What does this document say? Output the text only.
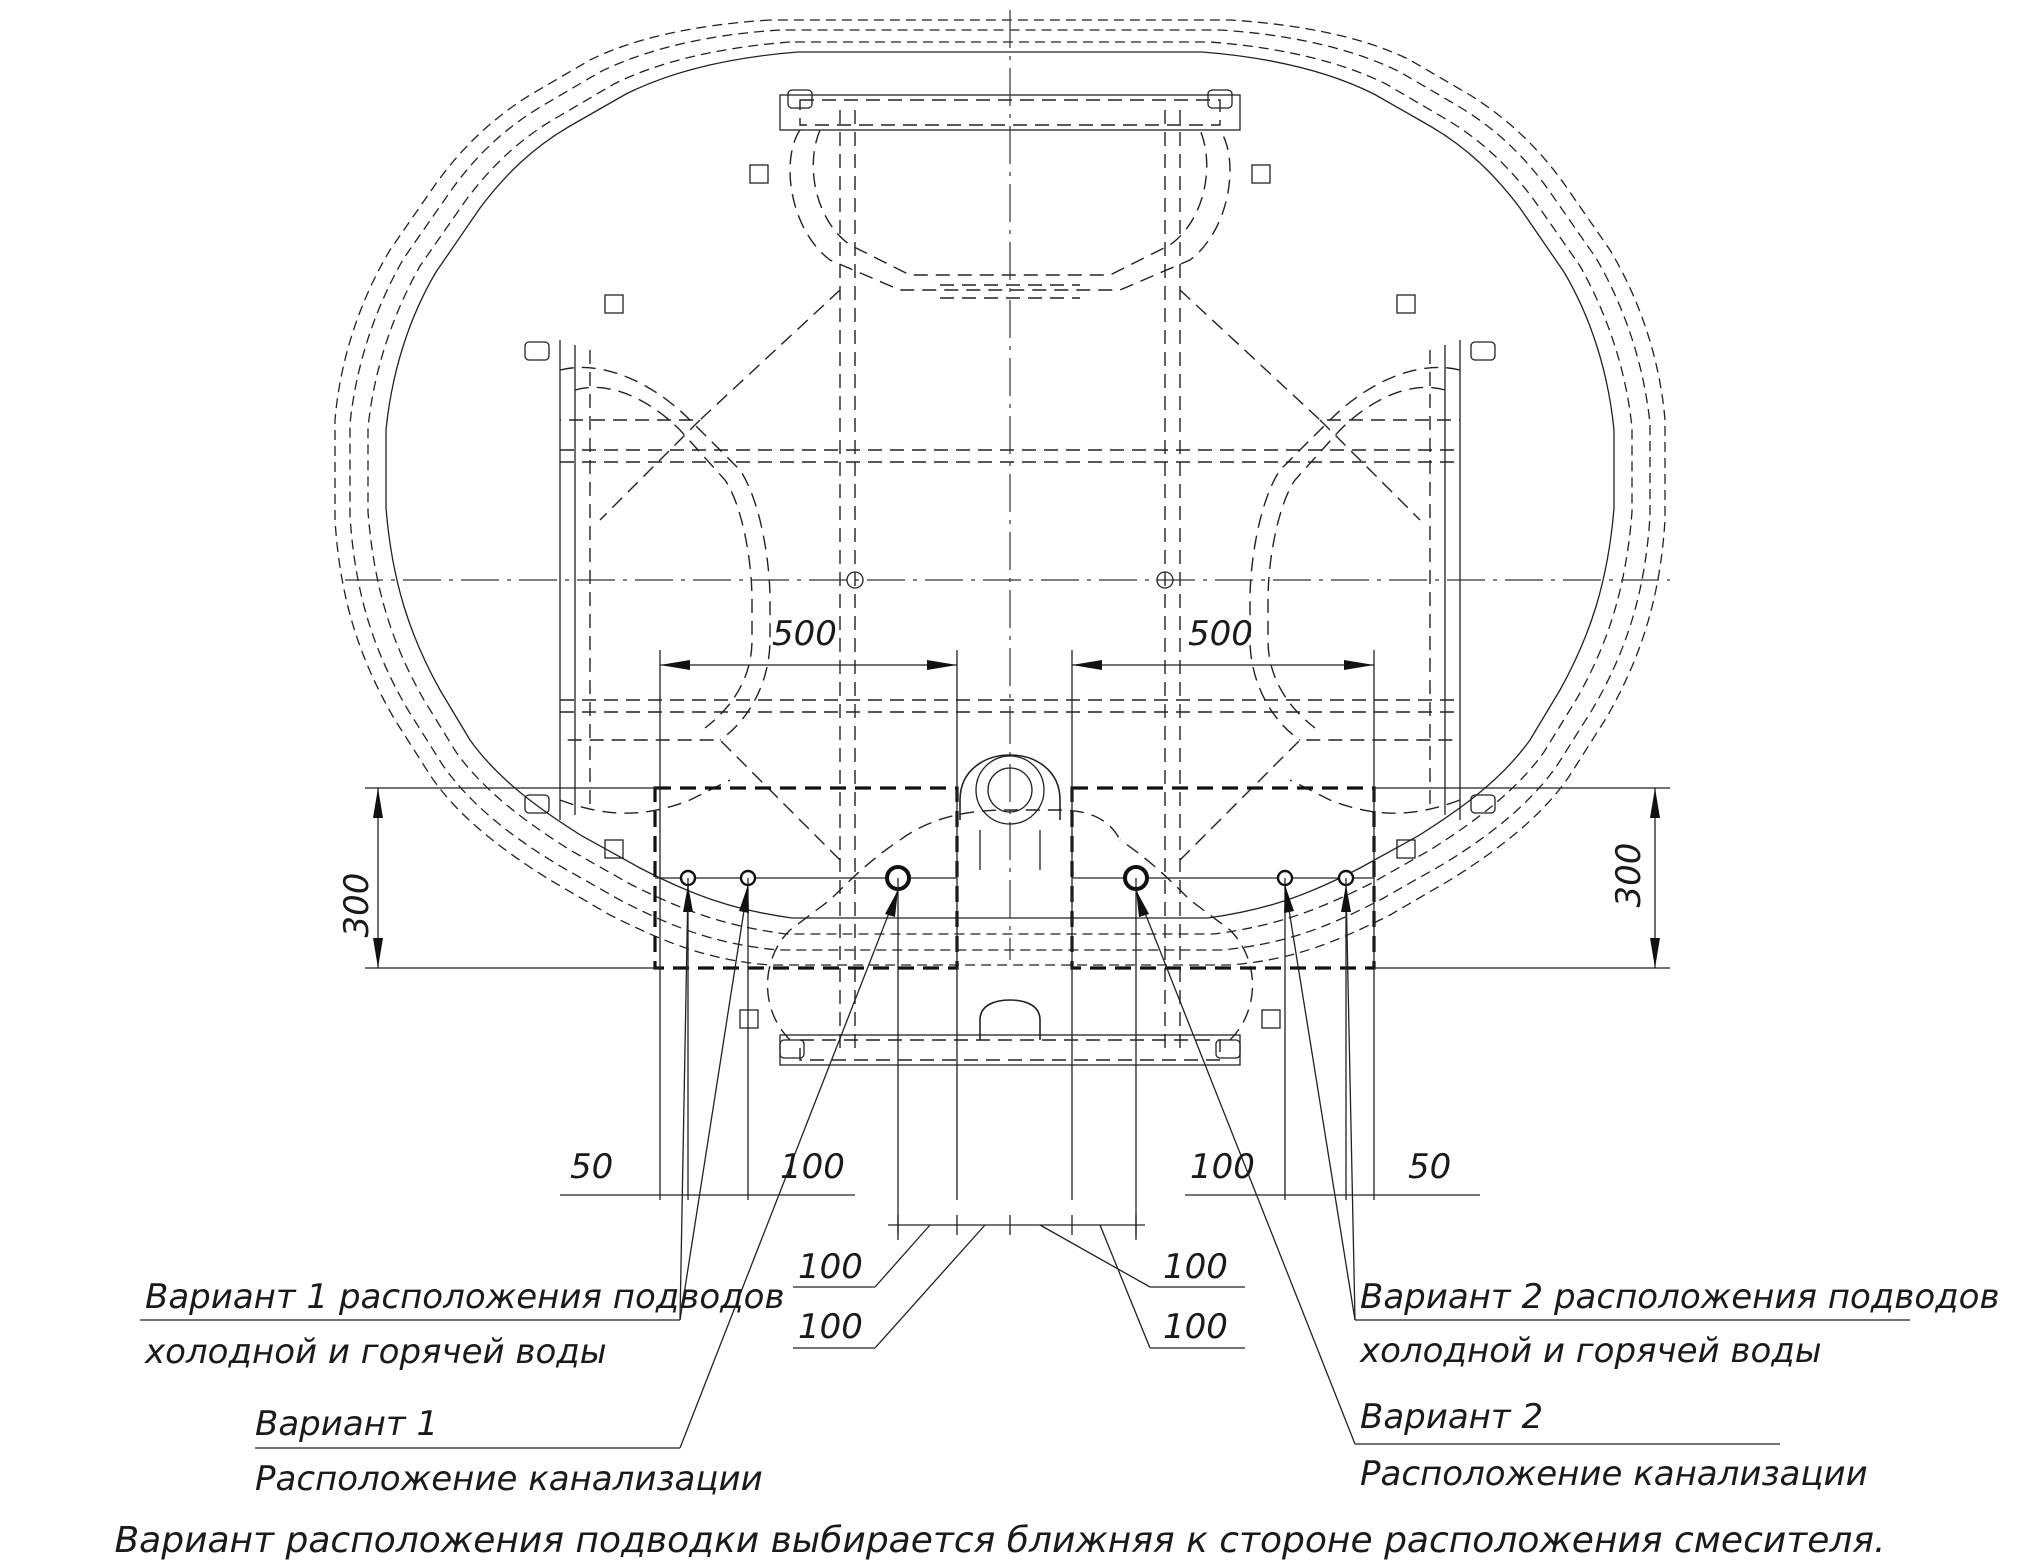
500	500
300	300
50	100	100	50
100
100
100
100
Вариант 1 расположения подводов
холодной и горячей воды
Вариант 1
Расположение канализации
Вариант 2 расположения подводов
холодной и горячей воды
Вариант 2
Расположение канализации
Вариант расположения подводки выбирается ближняя к стороне расположения смесителя.
